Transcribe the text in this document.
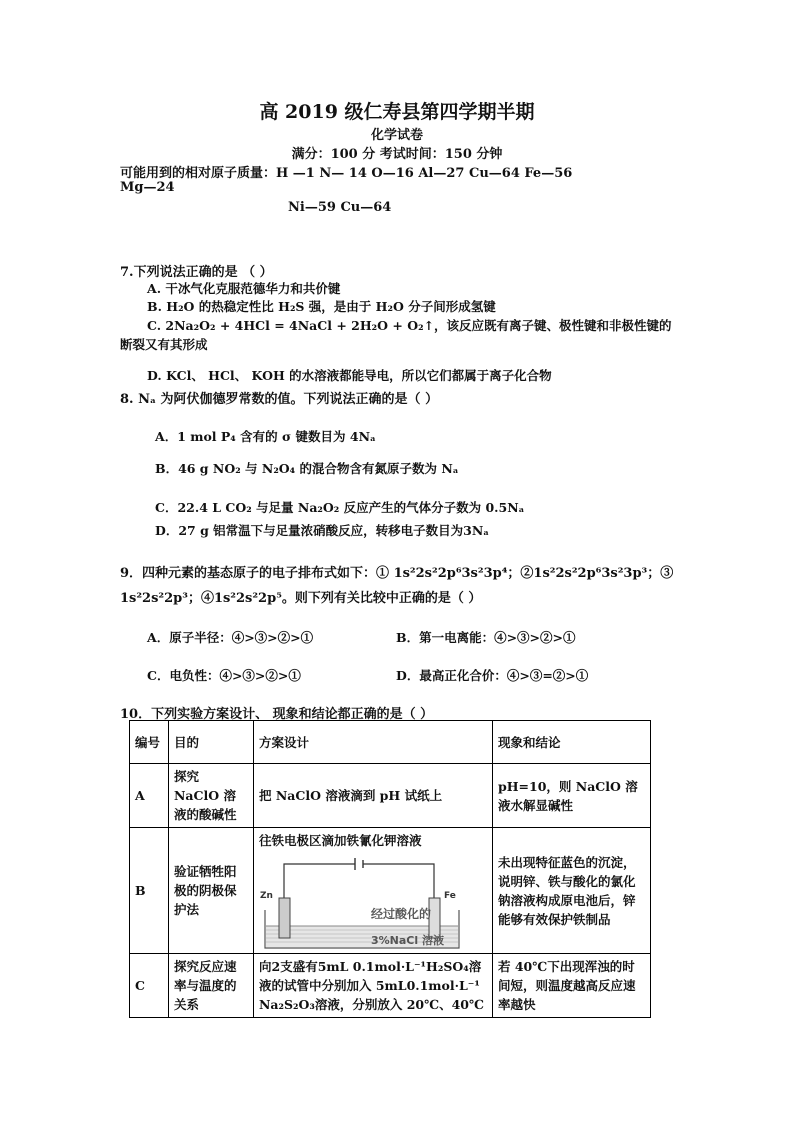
高 2019 级仁寿县第四学期半期
化学试卷
满分：100 分 考试时间：150 分钟
可能用到的相对原子质量：H —1 N— 14 O—16 Al—27 Cu—64 Fe—56
Mg—24
Ni—59 Cu—64
7.下列说法正确的是 （ ）
A. 干冰气化克服范德华力和共价键
B. H₂O 的热稳定性比 H₂S 强，是由于 H₂O 分子间形成氢键
C. 2Na₂O₂ + 4HCl = 4NaCl + 2H₂O + O₂↑，该反应既有离子键、极性键和非极性键的
断裂又有其形成
D. KCl、 HCl、 KOH 的水溶液都能导电，所以它们都属于离子化合物
8. Nₐ 为阿伏伽德罗常数的值。下列说法正确的是（ ）
A．1 mol P₄ 含有的 σ 键数目为 4Nₐ
B．46 g NO₂ 与 N₂O₄ 的混合物含有氮原子数为 Nₐ
C．22.4 L CO₂ 与足量 Na₂O₂ 反应产生的气体分子数为 0.5Nₐ
D．27 g 铝常温下与足量浓硝酸反应，转移电子数目为3Nₐ
9．四种元素的基态原子的电子排布式如下：① 1s²2s²2p⁶3s²3p⁴；②1s²2s²2p⁶3s²3p³；③
1s²2s²2p³；④1s²2s²2p⁵。则下列有关比较中正确的是（ ）
A．原子半径：④>③>②>①	B．第一电离能：④>③>②>①
C．电负性：④>③>②>①	D．最高正化合价：④>③=②>①
10．下列实验方案设计、 现象和结论都正确的是（ ）
编号	目的	方案设计	现象和结论
A	探究 NaClO 溶液的酸碱性	把 NaClO 溶液滴到 pH 试纸上	pH=10，则 NaClO 溶液水解显碱性
B	验证牺牲阳极的阴极保护法	往铁电极区滴加铁氰化钾溶液
Zn Fe
经过酸化的
3%NaCl 溶液	未出现特征蓝色的沉淀，说明锌、铁与酸化的氯化钠溶液构成原电池后，锌能够有效保护铁制品
C	探究反应速率与温度的关系	向2支盛有5mL 0.1mol·L⁻¹H₂SO₄溶液的试管中分别加入 5mL0.1mol·L⁻¹ Na₂S₂O₃溶液，分别放入 20℃、40℃	若 40℃下出现浑浊的时间短，则温度越高反应速率越快
